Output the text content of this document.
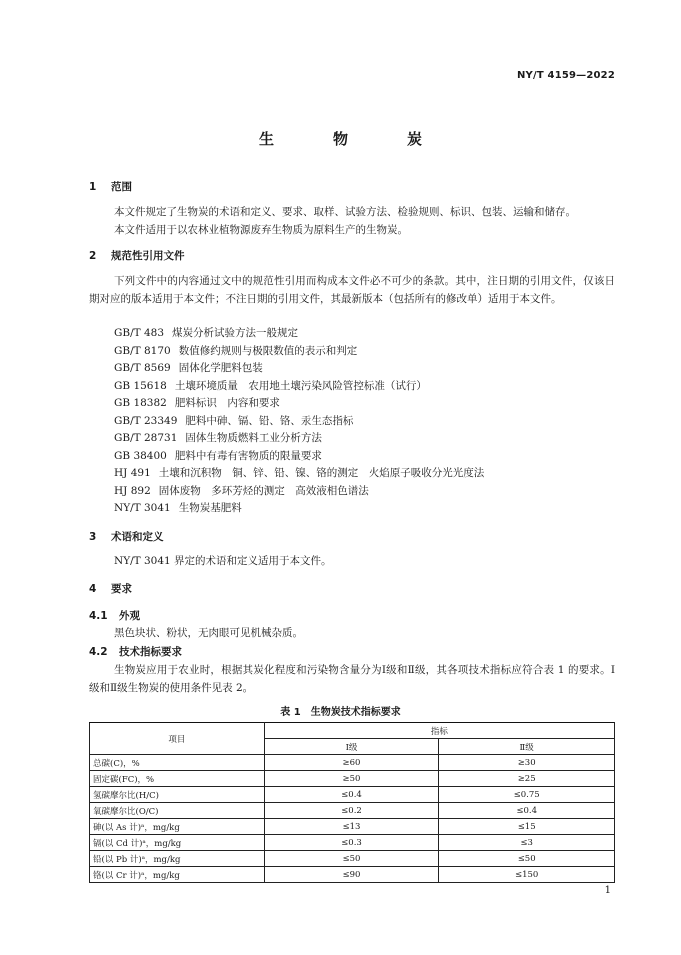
NY/T 4159—2022
生　物　炭
1 范围

本文件规定了生物炭的术语和定义、要求、取样、试验方法、检验规则、标识、包装、运输和储存。

本文件适用于以农林业植物源废弃生物质为原料生产的生物炭。

2 规范性引用文件

下列文件中的内容通过文中的规范性引用而构成本文件必不可少的条款。其中，注日期的引用文件，仅该日期对应的版本适用于本文件；不注日期的引用文件，其最新版本（包括所有的修改单）适用于本文件。

GB/T 483 煤炭分析试验方法一般规定
GB/T 8170 数值修约规则与极限数值的表示和判定
GB/T 8569 固体化学肥料包装
GB 15618 土壤环境质量　农用地土壤污染风险管控标准（试行）
GB 18382 肥料标识　内容和要求
GB/T 23349 肥料中砷、镉、铅、铬、汞生态指标
GB/T 28731 固体生物质燃料工业分析方法
GB 38400 肥料中有毒有害物质的限量要求
HJ 491 土壤和沉积物　铜、锌、铅、镍、铬的测定　火焰原子吸收分光光度法
HJ 892 固体废物　多环芳烃的测定　高效液相色谱法
NY/T 3041 生物炭基肥料
3 术语和定义

NY/T 3041 界定的术语和定义适用于本文件。

4 要求
4.1 外观

黑色块状、粉状，无肉眼可见机械杂质。

4.2 技术指标要求

生物炭应用于农业时，根据其炭化程度和污染物含量分为Ⅰ级和Ⅱ级，其各项技术指标应符合表 1 的要求。Ⅰ级和Ⅱ级生物炭的使用条件见表 2。

表 1　生物炭技术指标要求
项目	指标	
	Ⅰ级	Ⅱ级
总碳(C)，%	≥60	≥30
固定碳(FC)，%	≥50	≥25
氢碳摩尔比(H/C)	≤0.4	≤0.75
氧碳摩尔比(O/C)	≤0.2	≤0.4
砷(以 As 计)ᵃ，mg/kg	≤13	≤15
镉(以 Cd 计)ᵃ，mg/kg	≤0.3	≤3
铅(以 Pb 计)ᵃ，mg/kg	≤50	≤50
铬(以 Cr 计)ᵃ，mg/kg	≤90	≤150
1
